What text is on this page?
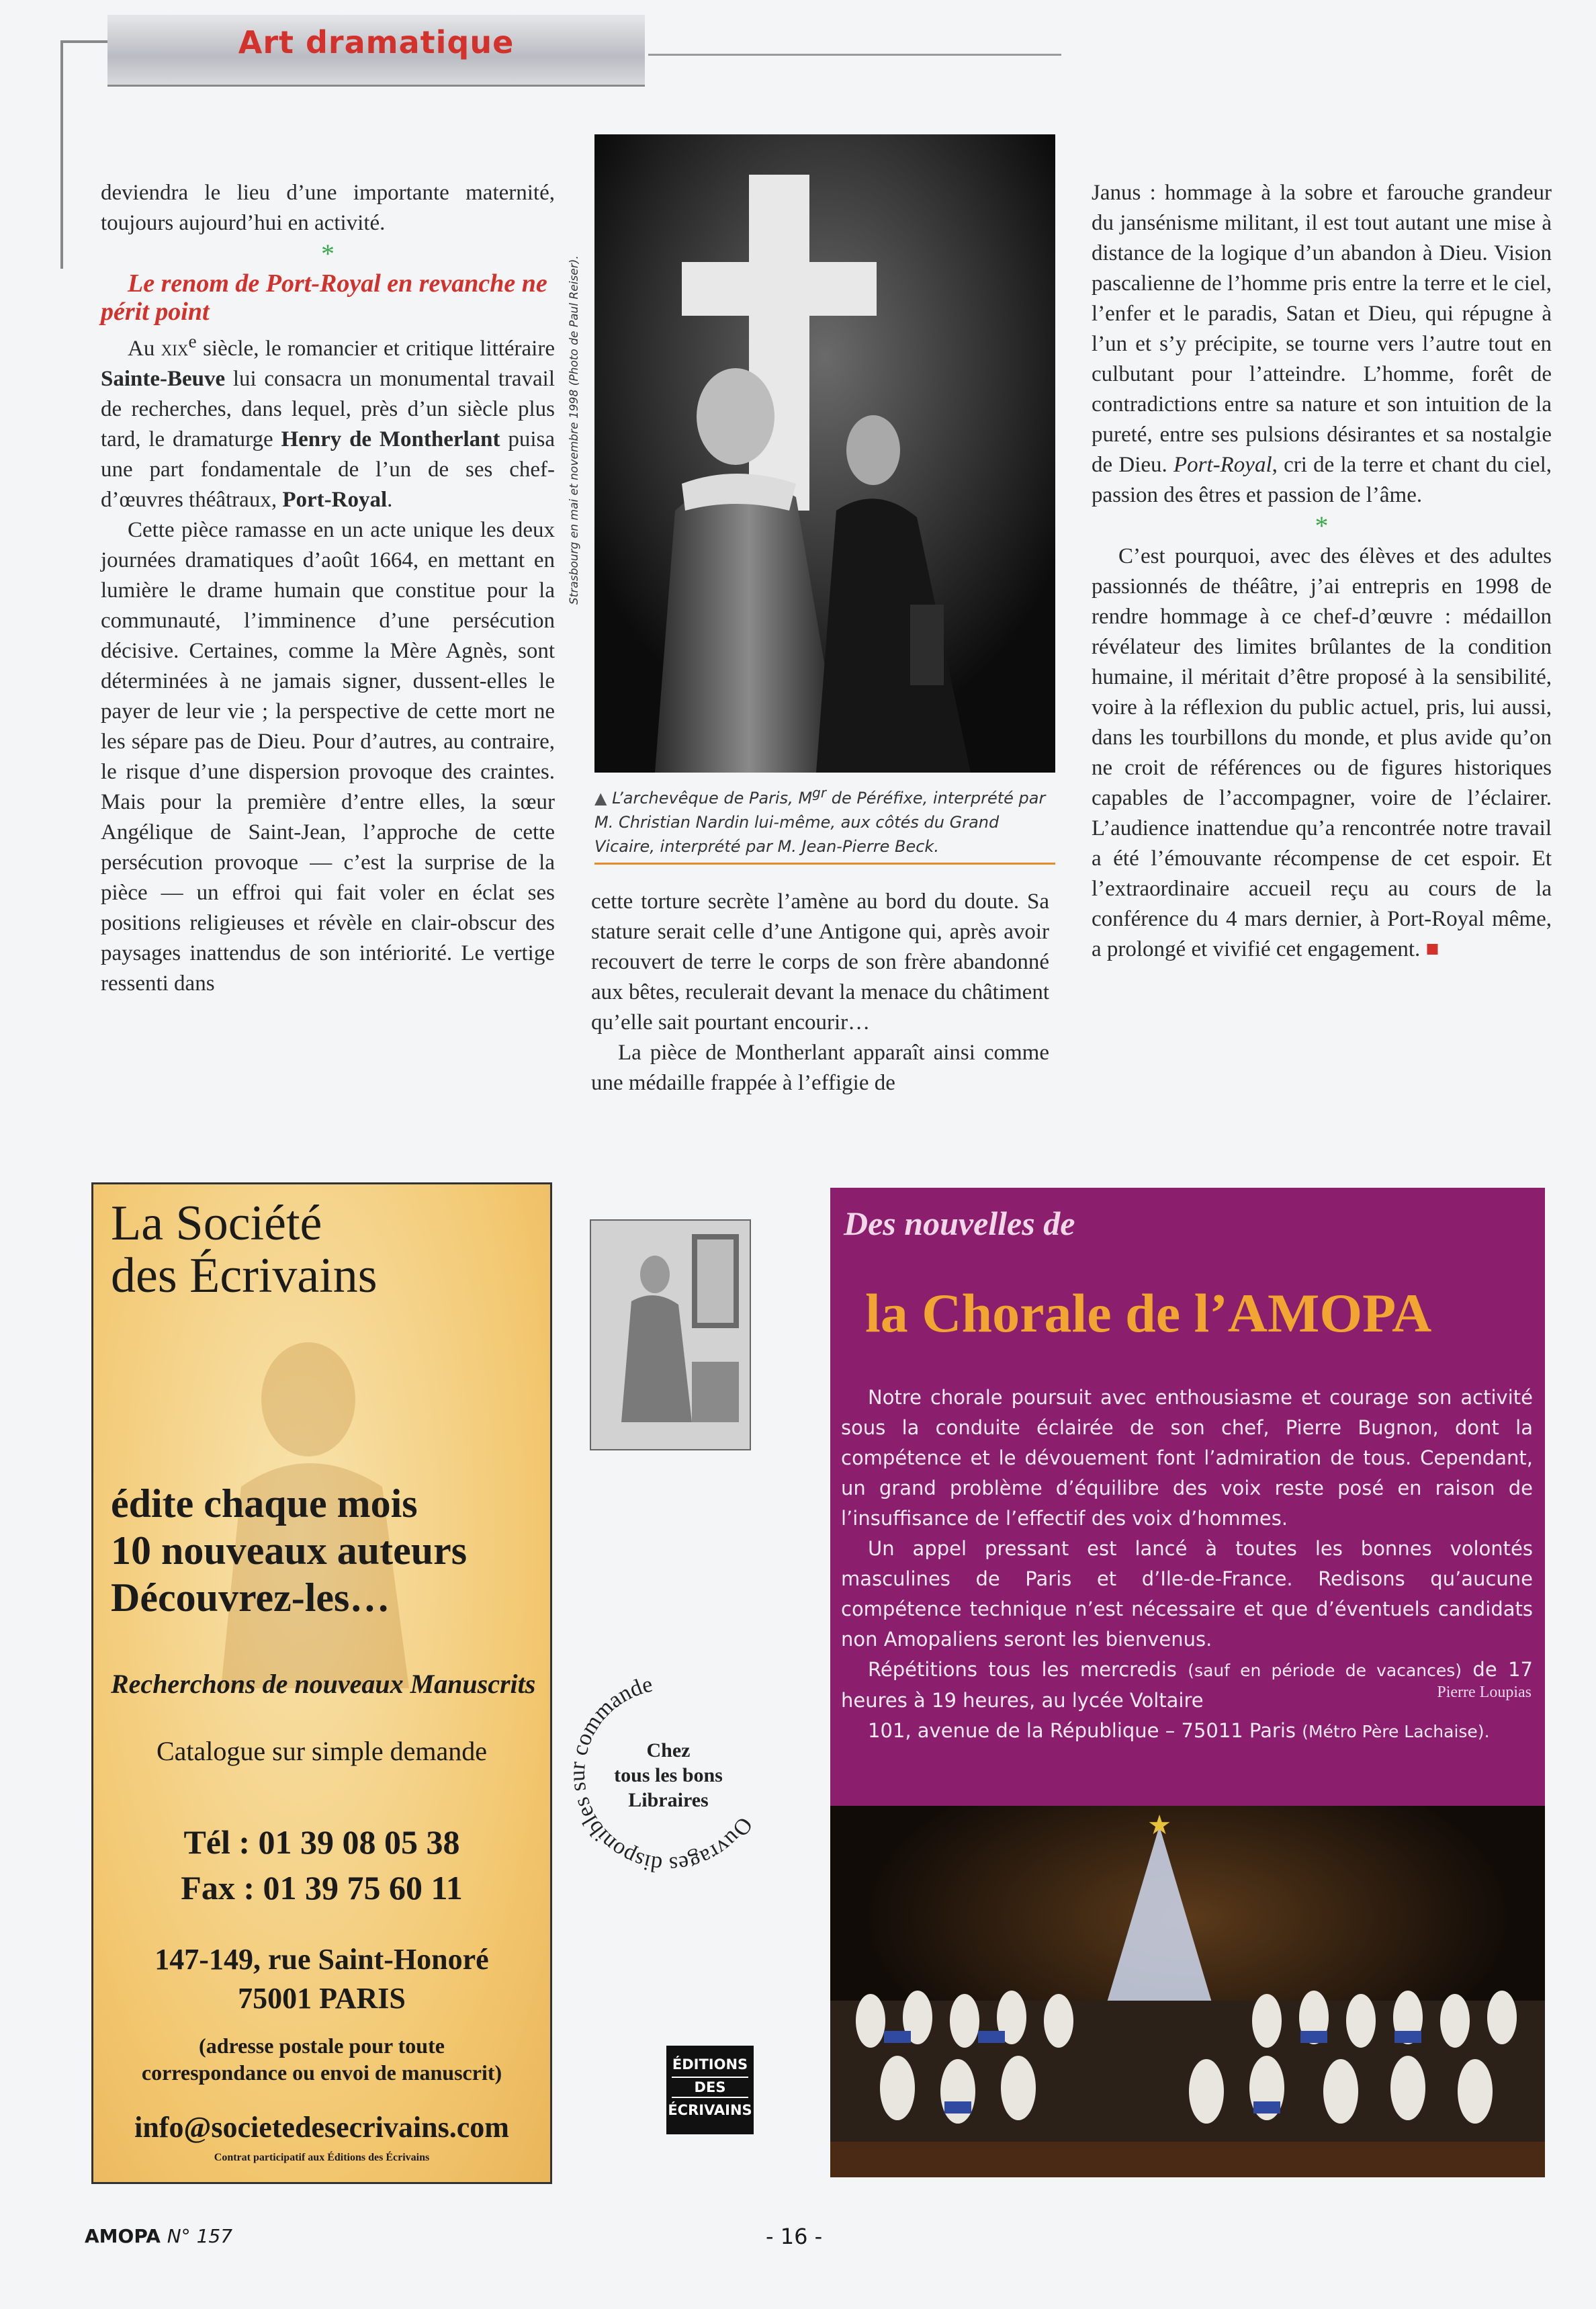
Art dramatique

deviendra le lieu d’une importante maternité, toujours aujourd’hui en activité.

*

Le renom de Port-Royal en revanche ne périt point

Au xix$^e$ siècle, le romancier et critique littéraire Sainte-Beuve lui consacra un monumental travail de recherches, dans lequel, près d’un siècle plus tard, le dramaturge Henry de Montherlant puisa une part fondamentale de l’un de ses chef-d’œuvres théâtraux, Port-Royal.

Cette pièce ramasse en un acte unique les deux journées dramatiques d’août 1664, en mettant en lumière le drame humain que constitue pour la communauté, l’imminence d’une persécution décisive. Certaines, comme la Mère Agnès, sont déterminées à ne jamais signer, dussent-elles le payer de leur vie ; la perspective de cette mort ne les sépare pas de Dieu. Pour d’autres, au contraire, le risque d’une dispersion provoque des craintes. Mais pour la première d’entre elles, la sœur Angélique de Saint-Jean, l’approche de cette persécution provoque — c’est la surprise de la pièce — un effroi qui fait voler en éclat ses positions religieuses et révèle en clair-obscur des paysages inattendus de son intériorité. Le vertige ressenti dans

Strasbourg en mai et novembre 1998 (Photo de Paul Reiser).
▲ L’archevêque de Paris, $M^{gr}$ de Péréfixe, interprété par M. Christian Nardin lui-même, aux côtés du Grand Vicaire, interprété par M. Jean-Pierre Beck.

cette torture secrète l’amène au bord du doute. Sa stature serait celle d’une Antigone qui, après avoir recouvert de terre le corps de son frère abandonné aux bêtes, reculerait devant la menace du châtiment qu’elle sait pourtant encourir…

La pièce de Montherlant apparaît ainsi comme une médaille frappée à l’effigie de

Janus : hommage à la sobre et farouche grandeur du jansénisme militant, il est tout autant une mise à distance de la logique d’un abandon à Dieu. Vision pascalienne de l’homme pris entre la terre et le ciel, l’enfer et le paradis, Satan et Dieu, qui répugne à l’un et s’y précipite, se tourne vers l’autre tout en culbutant pour l’atteindre. L’homme, forêt de contradictions entre sa nature et son intuition de la pureté, entre ses pulsions désirantes et sa nostalgie de Dieu. Port-Royal, cri de la terre et chant du ciel, passion des êtres et passion de l’âme.

*

C’est pourquoi, avec des élèves et des adultes passionnés de théâtre, j’ai entrepris en 1998 de rendre hommage à ce chef-d’œuvre : médaillon révélateur des limites brûlantes de la condition humaine, il méritait d’être proposé à la sensibilité, voire à la réflexion du public actuel, pris, lui aussi, dans les tourbillons du monde, et plus avide qu’on ne croit de références ou de figures historiques capables de l’accompagner, voire de l’éclairer. L’audience inattendue qu’a rencontrée notre travail a été l’émouvante récompense de cet espoir. Et l’extraordinaire accueil reçu au cours de la conférence du 4 mars dernier, à Port-Royal même, a prolongé et vivifié cet engagement. ■

La Société
des Écrivains
édite chaque mois
10 nouveaux auteurs
Découvrez-les…
Recherchons de nouveaux Manuscrits
Catalogue sur simple demande
Tél : 01 39 08 05 38
Fax : 01 39 75 60 11
147-149, rue Saint-Honoré
75001 PARIS
(adresse postale pour toute correspondance ou envoi de manuscrit)
info@societedesecrivains.com
Contrat participatif aux Éditions des Écrivains
Ouvrages disponibles sur commande
Chez
tous les bons
Libraires
ÉDITIONS
DES
ÉCRIVAINS
Des nouvelles de
la Chorale de l’AMOPA

Notre chorale poursuit avec enthousiasme et courage son activité sous la conduite éclairée de son chef, Pierre Bugnon, dont la compétence et le dévouement font l’admiration de tous. Cependant, un grand problème d’équilibre des voix reste posé en raison de l’insuffisance de l’effectif des voix d’hommes.

Un appel pressant est lancé à toutes les bonnes volontés masculines de Paris et d’Ile-de-France. Redisons qu’aucune compétence technique n’est nécessaire et que d’éventuels candidats non Amopaliens seront les bienvenus.

Répétitions tous les mercredis (sauf en période de vacances) de 17 heures à 19 heures, au lycée Voltaire

101, avenue de la République – 75011 Paris (Métro Père Lachaise).

Pierre Loupias
★
AMOPA N° 157	- 16 -
